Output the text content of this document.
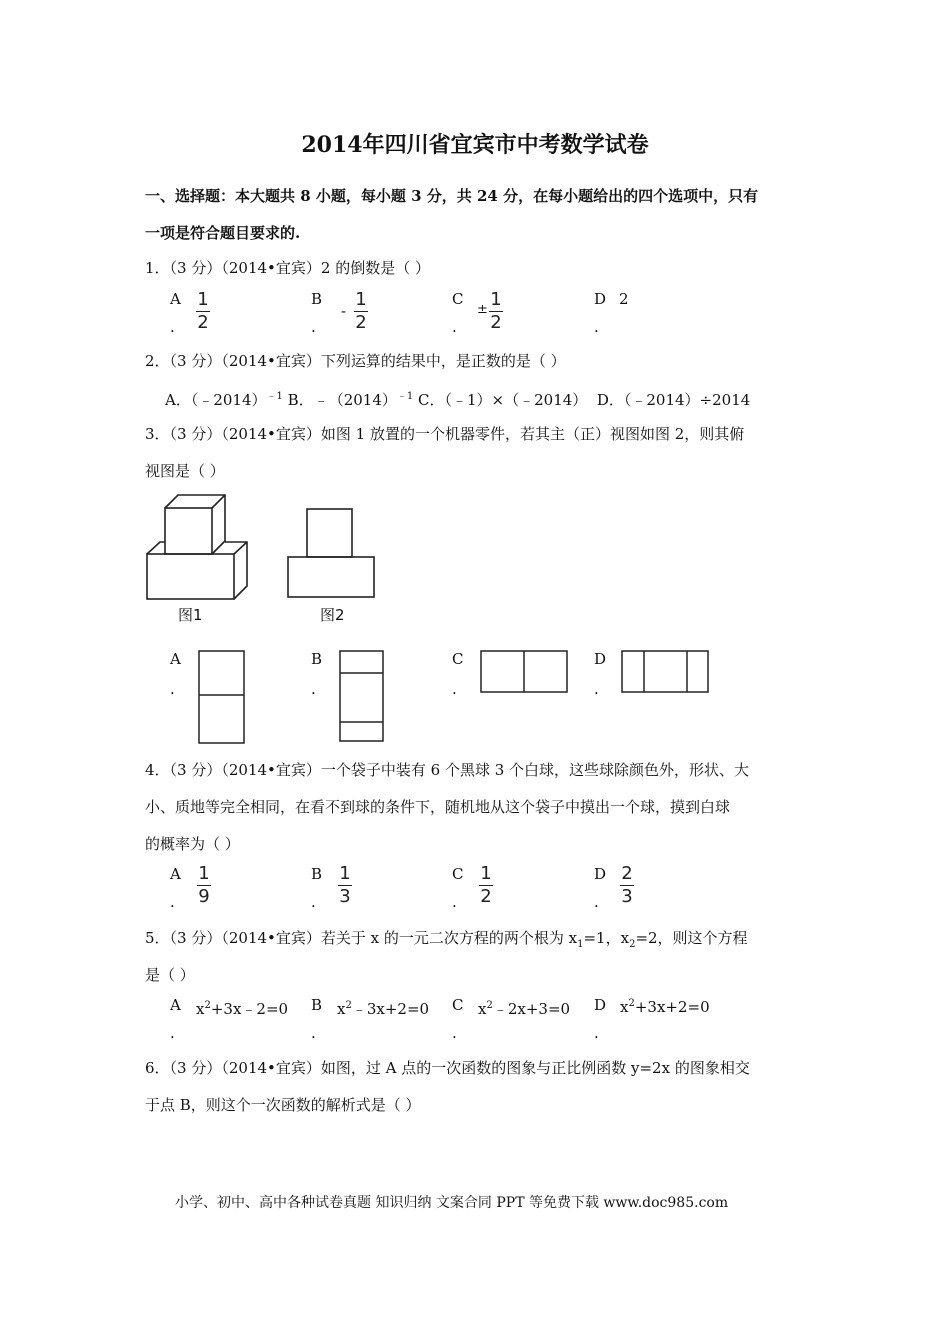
2014年四川省宜宾市中考数学试卷
一、选择题：本大题共 8 小题，每小题 3 分，共 24 分，在每小题给出的四个选项中，只有
一项是符合题目要求的.
1．（3 分）（2014•宜宾）2 的倒数是（ ）
A
.
1
2
B
.
-
1
2
C
.
± 1
2
D
.
2
2．（3 分）（2014•宜宾）下列运算的结果中，是正数的是（ ）
A．（﹣2014）$^{﹣1}$ B．$﹣(2014)^{﹣1}$ C．（﹣1）×（﹣2014） D．（﹣2014）÷2014
3．（3 分）（2014•宜宾）如图 1 放置的一个机器零件，若其主（正）视图如图 2，则其俯
视图是（ ）
图1	图2
A
.
B
.
C
.
D
.
4．（3 分）（2014•宜宾）一个袋子中装有 6 个黑球 3 个白球，这些球除颜色外，形状、大
小、质地等完全相同，在看不到球的条件下，随机地从这个袋子中摸出一个球，摸到白球
的概率为（ ）
A
.
1
9
B
.
1
3
C
.
1
2
D
.
2
3
5．（3 分）（2014•宜宾）若关于 x 的一元二次方程的两个根为 $x_1=1$，$x_2=2$，则这个方程
是（ ）
A
.
$x^2+3x﹣2=0$ B
.
$x^2﹣3x+2=0$ C
.
$x^2﹣2x+3=0$ D
.
$x^2+3x+2=0$
6．（3 分）（2014•宜宾）如图，过 A 点的一次函数的图象与正比例函数 y=2x 的图象相交
于点 B，则这个一次函数的解析式是（ ）
小学、初中、高中各种试卷真题 知识归纳 文案合同 PPT 等免费下载 www.doc985.com
